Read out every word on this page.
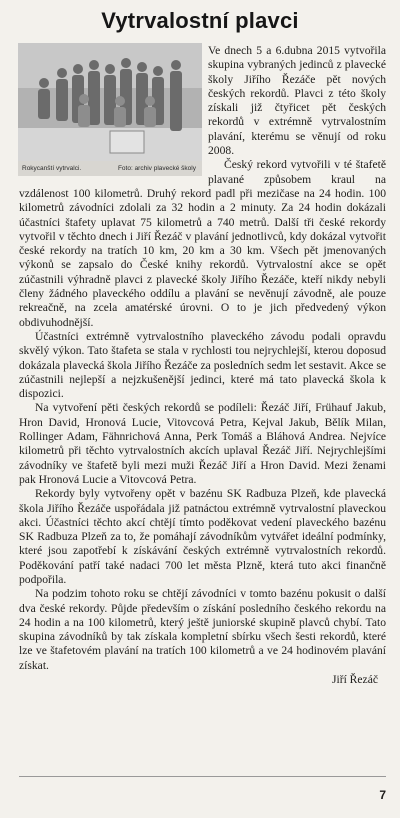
Vytrvalostní plavci

Ve dnech 5 a 6.dubna 2015 vytvořila skupina vybraných jedinců z plavecké školy Jiřího Řezáče pět nových českých rekordů. Plavci z této školy získali již čtyřicet pět českých rekordů v extrémně vytrvalostním plavání, kterému se věnují od roku 2008.

Český rekord vytvořili v té štafetě plavané způsobem kraul na vzdálenost 100 kilometrů. Druhý rekord padl při mezičase na 24 hodin. 100 kilometrů závodníci zdolali za 32 hodin a 2 minuty. Za 24 hodin dokázali účastníci štafety uplavat 75 kilometrů a 740 metrů. Další tři české rekordy vytvořil v těchto dnech i Jiří Řezáč v plavání jednotlivců, kdy dokázal vytvořit české rekordy na tratích 10 km, 20 km a 30 km. Všech pět jmenovaných výkonů se zapsalo do České knihy rekordů. Vytrvalostní akce se opět zúčastnili výhradně plavci z plavecké školy Jiřího Řezáče, kteří nikdy nebyli členy žádného plaveckého oddílu a plavání se nevěnují závodně, ale pouze rekreačně, na zcela amatérské úrovni. O to je jich předvedený výkon obdivuhodnější.

Účastníci extrémně vytrvalostního plaveckého závodu podali opravdu skvělý výkon. Tato štafeta se stala v rychlosti tou nejrychlejší, kterou doposud dokázala plavecká škola Jiřího Řezáče za posledních sedm let sestavit. Akce se zúčastnili nejlepší a nejzkušenější jedinci, které má tato plavecká škola k dispozici.

Na vytvoření pěti českých rekordů se podíleli: Řezáč Jiří, Frühauf Jakub, Hron David, Hronová Lucie, Vitovcová Petra, Kejval Jakub, Bělík Milan, Rollinger Adam, Fähnrichová Anna, Perk Tomáš a Bláhová Andrea. Nejvíce kilometrů při těchto vytrvalostních akcích uplaval Řezáč Jiří. Nejrychlejšími závodníky ve štafetě byli mezi muži Řezáč Jiří a Hron David. Mezi ženami pak Hronová Lucie a Vitovcová Petra.

Rekordy byly vytvořeny opět v bazénu SK Radbuza Plzeň, kde plavecká škola Jiřího Řezáče uspořádala již patnáctou extrémně vytrvalostní plaveckou akci. Účastníci těchto akcí chtějí tímto poděkovat vedení plaveckého bazénu SK Radbuza Plzeň za to, že pomáhají závodníkům vytvářet ideální podmínky, které jsou zapotřebí k získávání českých extrémně vytrvalostních rekordů. Poděkování patří také nadaci 700 let města Plzně, která tuto akci finančně podpořila.

Na podzim tohoto roku se chtějí závodníci v tomto bazénu pokusit o další dva české rekordy. Půjde především o získání posledního českého rekordu na 24 hodin a na 100 kilometrů, který ještě juniorské skupině plavců chybí. Tato skupina závodníků by tak získala kompletní sbírku všech šesti rekordů, které lze ve štafetovém plavání na tratích 100 kilometrů a ve 24 hodinovém plavání získat.

Jiří Řezáč

Rokycanští vytrvalci.	Foto: archiv plavecké školy
7
